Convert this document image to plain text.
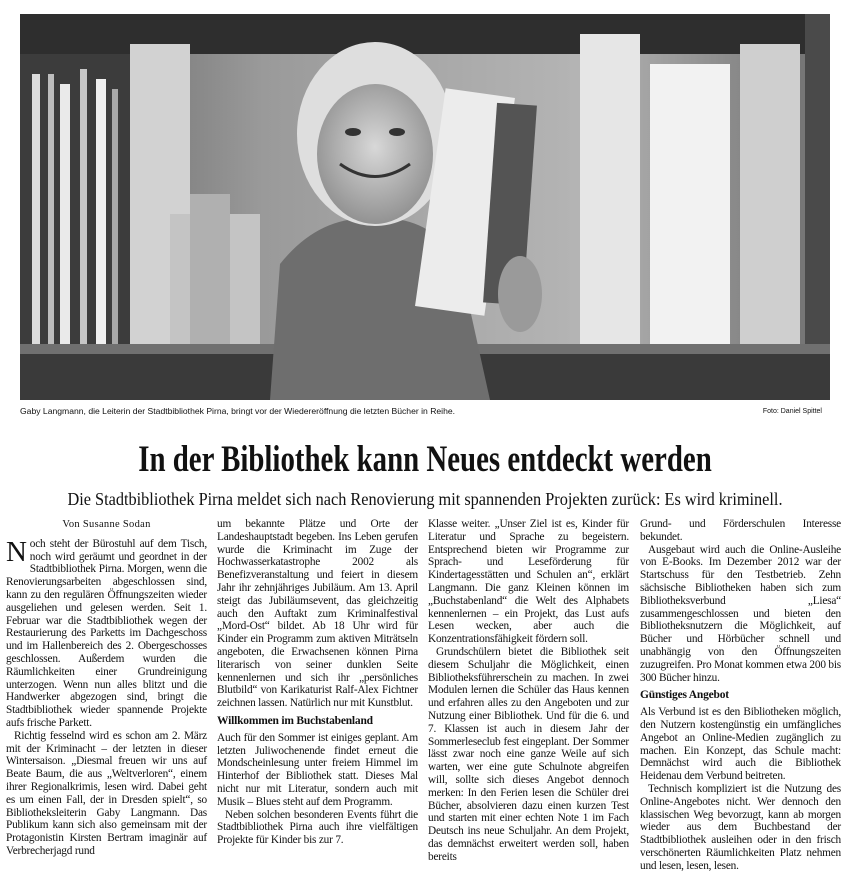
Gaby Langmann, die Leiterin der Stadtbibliothek Pirna, bringt vor der Wiedereröffnung die letzten Bücher in Reihe.	Foto: Daniel Spittel
In der Bibliothek kann Neues entdeckt werden
Die Stadtbibliothek Pirna meldet sich nach Renovierung mit spannenden Projekten zurück: Es wird kriminell.
Von Susanne Sodan

Noch steht der Bürostuhl auf dem Tisch, noch wird geräumt und geordnet in der Stadtbibliothek Pirna. Morgen, wenn die Renovierungsarbeiten abgeschlossen sind, kann zu den regulären Öffnungszeiten wieder ausgeliehen und gelesen werden. Seit 1. Februar war die Stadtbibliothek wegen der Restaurierung des Parketts im Dachgeschoss und im Hallenbereich des 2. Obergeschosses geschlossen. Außerdem wurden die Räumlichkeiten einer Grundreinigung unterzogen. Wenn nun alles blitzt und die Handwerker abgezogen sind, bringt die Stadtbibliothek wieder spannende Projekte aufs frische Parkett.

Richtig fesselnd wird es schon am 2. März mit der Kriminacht – der letzten in dieser Wintersaison. „Diesmal freuen wir uns auf Beate Baum, die aus „Weltverloren“, einem ihrer Regionalkrimis, lesen wird. Dabei geht es um einen Fall, der in Dresden spielt“, so Bibliotheksleiterin Gaby Langmann. Das Publikum kann sich also gemeinsam mit der Protagonistin Kirsten Bertram imaginär auf Verbrecherjagd rund

um bekannte Plätze und Orte der Landeshauptstadt begeben. Ins Leben gerufen wurde die Kriminacht im Zuge der Hochwasserkatastrophe 2002 als Benefizveranstaltung und feiert in diesem Jahr ihr zehnjähriges Jubiläum. Am 13. April steigt das Jubiläumsevent, das gleichzeitig auch den Auftakt zum Kriminalfestival „Mord-Ost“ bildet. Ab 18 Uhr wird für Kinder ein Programm zum aktiven Miträtseln angeboten, die Erwachsenen können Pirna literarisch von seiner dunklen Seite kennenlernen und sich ihr „persönliches Blutbild“ von Karikaturist Ralf-Alex Fichtner zeichnen lassen. Natürlich nur mit Kunstblut.

Willkommen im Buchstabenland

Auch für den Sommer ist einiges geplant. Am letzten Juliwochenende findet erneut die Mondscheinlesung unter freiem Himmel im Hinterhof der Bibliothek statt. Dieses Mal nicht nur mit Literatur, sondern auch mit Musik – Blues steht auf dem Programm.

Neben solchen besonderen Events führt die Stadtbibliothek Pirna auch ihre vielfältigen Projekte für Kinder bis zur 7.

Klasse weiter. „Unser Ziel ist es, Kinder für Literatur und Sprache zu begeistern. Entsprechend bieten wir Programme zur Sprach- und Leseförderung für Kindertagesstätten und Schulen an“, erklärt Langmann. Die ganz Kleinen können im „Buchstabenland“ die Welt des Alphabets kennenlernen – ein Projekt, das Lust aufs Lesen wecken, aber auch die Konzentrationsfähigkeit fördern soll.

Grundschülern bietet die Bibliothek seit diesem Schuljahr die Möglichkeit, einen Bibliotheksführerschein zu machen. In zwei Modulen lernen die Schüler das Haus kennen und erfahren alles zu den Angeboten und zur Nutzung einer Bibliothek. Und für die 6. und 7. Klassen ist auch in diesem Jahr der Sommerleseclub fest eingeplant. Der Sommer lässt zwar noch eine ganze Weile auf sich warten, wer eine gute Schulnote abgreifen will, sollte sich dieses Angebot dennoch merken: In den Ferien lesen die Schüler drei Bücher, absolvieren dazu einen kurzen Test und starten mit einer echten Note 1 im Fach Deutsch ins neue Schuljahr. An dem Projekt, das demnächst erweitert werden soll, haben bereits

Grund- und Förderschulen Interesse bekundet.

Ausgebaut wird auch die Online-Ausleihe von E-Books. Im Dezember 2012 war der Startschuss für den Testbetrieb. Zehn sächsische Bibliotheken haben sich zum Bibliotheksverbund „Liesa“ zusammengeschlossen und bieten den Bibliotheksnutzern die Möglichkeit, auf Bücher und Hörbücher schnell und unabhängig von den Öffnungszeiten zuzugreifen. Pro Monat kommen etwa 200 bis 300 Bücher hinzu.

Günstiges Angebot

Als Verbund ist es den Bibliotheken möglich, den Nutzern kostengünstig ein umfängliches Angebot an Online-Medien zugänglich zu machen. Ein Konzept, das Schule macht: Demnächst wird auch die Bibliothek Heidenau dem Verbund beitreten.

Technisch kompliziert ist die Nutzung des Online-Angebotes nicht. Wer dennoch den klassischen Weg bevorzugt, kann ab morgen wieder aus dem Buchbestand der Stadtbibliothek ausleihen oder in den frisch verschönerten Räumlichkeiten Platz nehmen und lesen, lesen, lesen.
